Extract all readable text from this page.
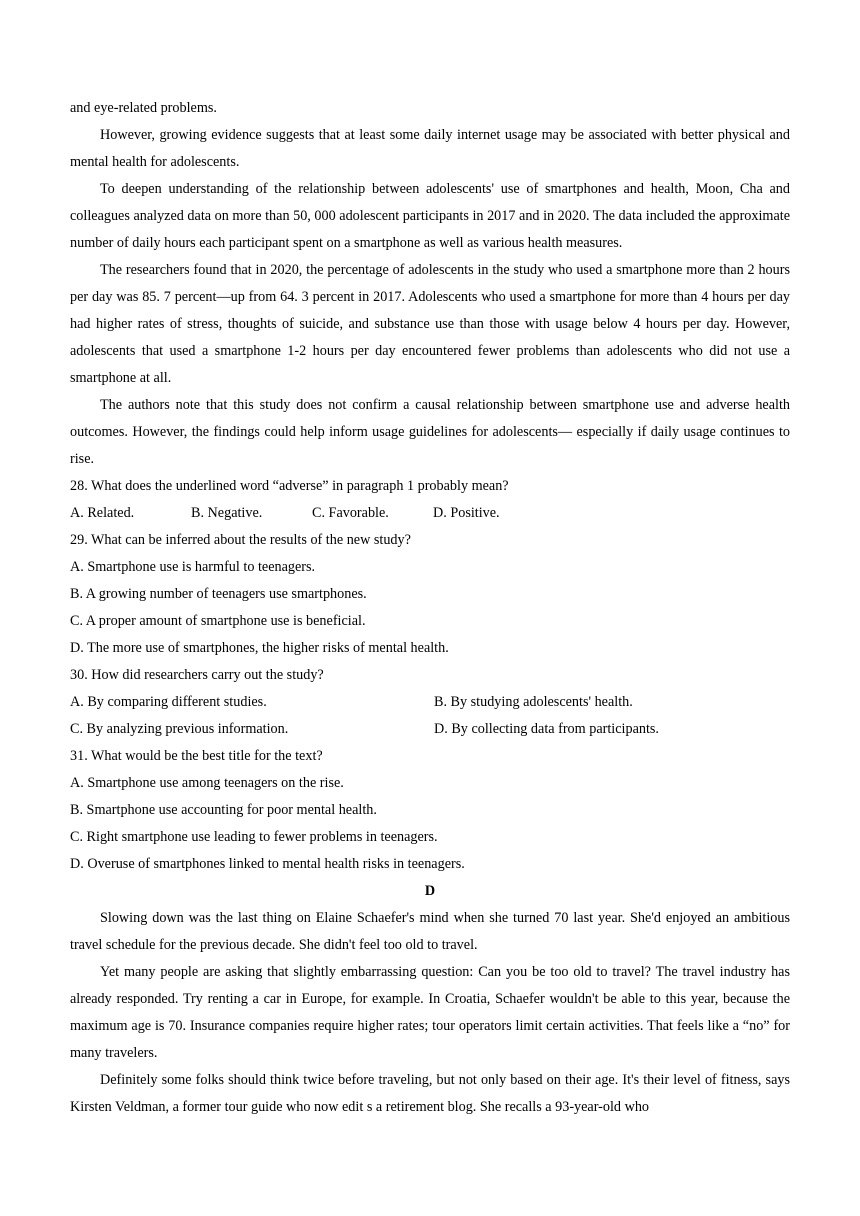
and eye-related problems.

However, growing evidence suggests that at least some daily internet usage may be associated with better physical and mental health for adolescents.

To deepen understanding of the relationship between adolescents' use of smartphones and health, Moon, Cha and colleagues analyzed data on more than 50, 000 adolescent participants in 2017 and in 2020. The data included the approximate number of daily hours each participant spent on a smartphone as well as various health measures.

The researchers found that in 2020, the percentage of adolescents in the study who used a smartphone more than 2 hours per day was 85. 7 percent—up from 64. 3 percent in 2017. Adolescents who used a smartphone for more than 4 hours per day had higher rates of stress, thoughts of suicide, and substance use than those with usage below 4 hours per day. However, adolescents that used a smartphone 1-2 hours per day encountered fewer problems than adolescents who did not use a smartphone at all.

The authors note that this study does not confirm a causal relationship between smartphone use and adverse health outcomes. However, the findings could help inform usage guidelines for adolescents— especially if daily usage continues to rise.

28. What does the underlined word “adverse” in paragraph 1 probably mean?

A. Related.	B. Negative.	C. Favorable.	D. Positive.

29. What can be inferred about the results of the new study?

A. Smartphone use is harmful to teenagers.

B. A growing number of teenagers use smartphones.

C. A proper amount of smartphone use is beneficial.

D. The more use of smartphones, the higher risks of mental health.

30. How did researchers carry out the study?

A. By comparing different studies.	B. By studying adolescents' health.
C. By analyzing previous information.	D. By collecting data from participants.

31. What would be the best title for the text?

A. Smartphone use among teenagers on the rise.

B. Smartphone use accounting for poor mental health.

C. Right smartphone use leading to fewer problems in teenagers.

D. Overuse of smartphones linked to mental health risks in teenagers.

D

Slowing down was the last thing on Elaine Schaefer's mind when she turned 70 last year. She'd enjoyed an ambitious travel schedule for the previous decade. She didn't feel too old to travel.

Yet many people are asking that slightly embarrassing question: Can you be too old to travel? The travel industry has already responded. Try renting a car in Europe, for example. In Croatia, Schaefer wouldn't be able to this year, because the maximum age is 70. Insurance companies require higher rates; tour operators limit certain activities. That feels like a “no” for many travelers.

Definitely some folks should think twice before traveling, but not only based on their age. It's their level of fitness, says Kirsten Veldman, a former tour guide who now edit s a retirement blog. She recalls a 93-year-old who
